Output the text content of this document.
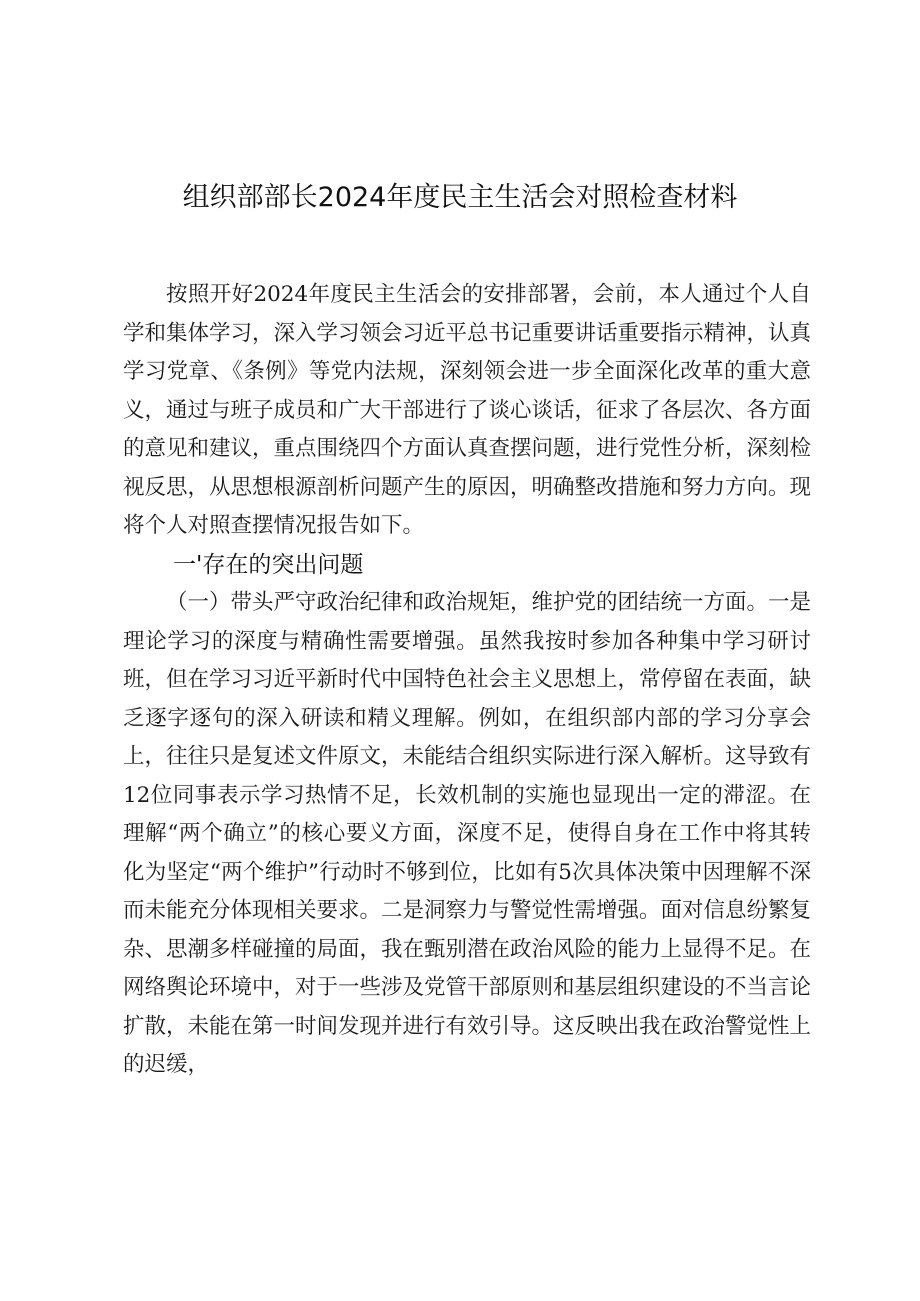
组织部部长2024年度民主生活会对照检查材料

按照开好2024年度民主生活会的安排部署，会前，本人通过个人自学和集体学习，深入学习领会习近平总书记重要讲话重要指示精神，认真学习党章、《条例》等党内法规，深刻领会进一步全面深化改革的重大意义，通过与班子成员和广大干部进行了谈心谈话，征求了各层次、各方面的意见和建议，重点围绕四个方面认真查摆问题，进行党性分析，深刻检视反思，从思想根源剖析问题产生的原因，明确整改措施和努力方向。现将个人对照查摆情况报告如下。

一'存在的突出问题

（一）带头严守政治纪律和政治规矩，维护党的团结统一方面。一是理论学习的深度与精确性需要增强。虽然我按时参加各种集中学习研讨班，但在学习习近平新时代中国特色社会主义思想上，常停留在表面，缺乏逐字逐句的深入研读和精义理解。例如，在组织部内部的学习分享会上，往往只是复述文件原文，未能结合组织实际进行深入解析。这导致有12位同事表示学习热情不足，长效机制的实施也显现出一定的滞涩。在理解“两个确立”的核心要义方面，深度不足，使得自身在工作中将其转化为坚定“两个维护”行动时不够到位，比如有5次具体决策中因理解不深而未能充分体现相关要求。二是洞察力与警觉性需增强。面对信息纷繁复杂、思潮多样碰撞的局面，我在甄别潜在政治风险的能力上显得不足。在网络舆论环境中，对于一些涉及党管干部原则和基层组织建设的不当言论扩散，未能在第一时间发现并进行有效引导。这反映出我在政治警觉性上的迟缓，
